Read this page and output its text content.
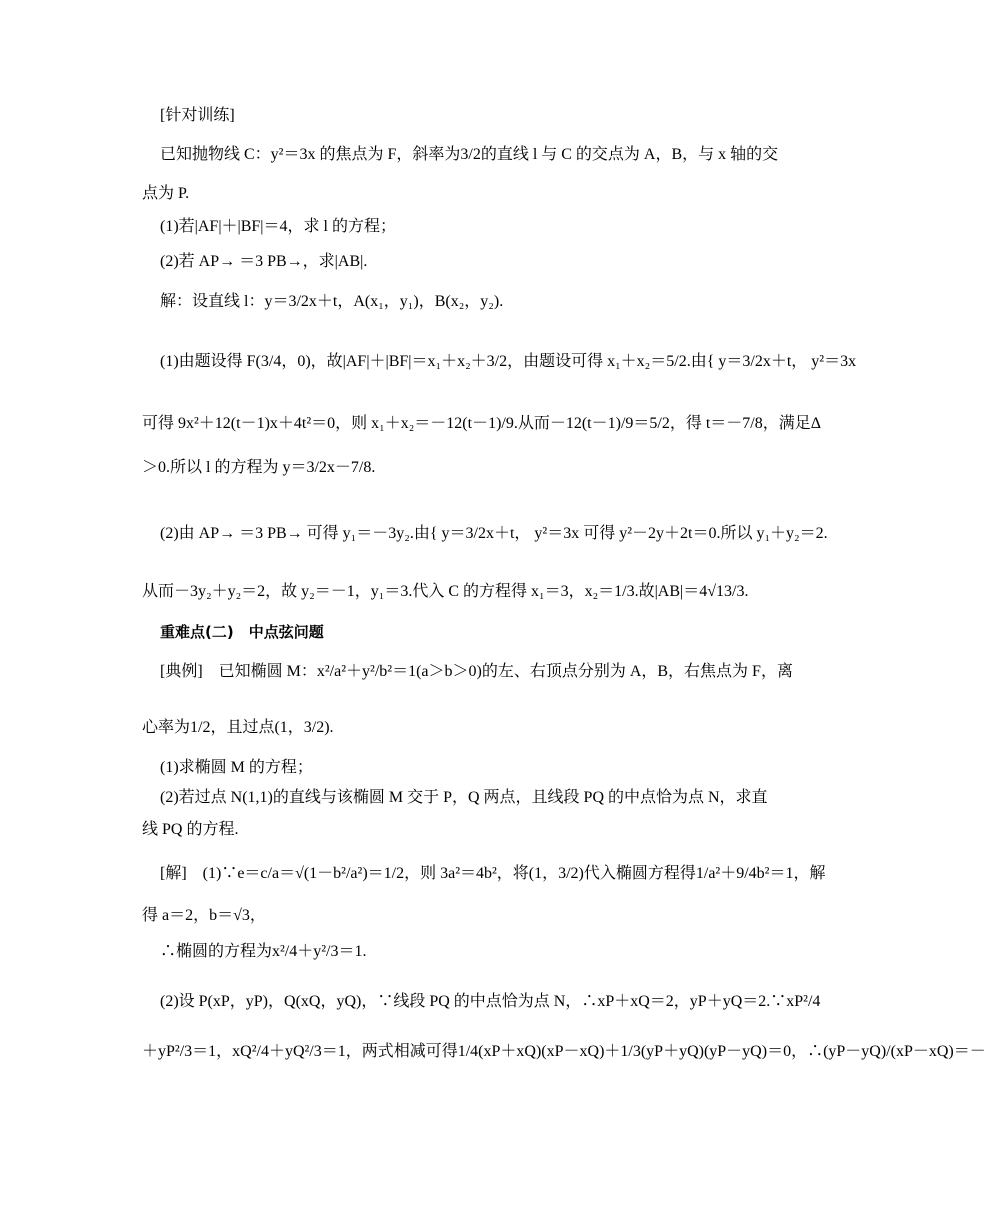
[针对训练]
已知抛物线 C：y²＝3x 的焦点为 F，斜率为3/2的直线 l 与 C 的交点为 A，B，与 x 轴的交
点为 P.
(1)若|AF|＋|BF|＝4，求 l 的方程；
(2)若 AP→ ＝3 PB→，求|AB|.
解：设直线 l：y＝3/2x＋t，A(x₁，y₁)，B(x₂，y₂).
(1)由题设得 F(3/4，0)，故|AF|＋|BF|＝x₁＋x₂＋3/2，由题设可得 x₁＋x₂＝5/2.由{ y＝3/2x＋t， y²＝3x
可得 9x²＋12(t－1)x＋4t²＝0，则 x₁＋x₂＝－12(t－1)/9.从而－12(t－1)/9＝5/2，得 t＝－7/8，满足Δ
＞0.所以 l 的方程为 y＝3/2x－7/8.
(2)由 AP→ ＝3 PB→ 可得 y₁＝－3y₂.由{ y＝3/2x＋t， y²＝3x 可得 y²－2y＋2t＝0.所以 y₁＋y₂＝2.
从而－3y₂＋y₂＝2，故 y₂＝－1，y₁＝3.代入 C 的方程得 x₁＝3，x₂＝1/3.故|AB|＝4√13/3.
重难点(二)　中点弦问题
[典例]　已知椭圆 M：x²/a²＋y²/b²＝1(a＞b＞0)的左、右顶点分别为 A，B，右焦点为 F，离
心率为1/2，且过点(1，3/2).
(1)求椭圆 M 的方程；
(2)若过点 N(1,1)的直线与该椭圆 M 交于 P，Q 两点，且线段 PQ 的中点恰为点 N，求直
线 PQ 的方程.
[解]　(1)∵e＝c/a＝√(1－b²/a²)＝1/2，则 3a²＝4b²，将(1，3/2)代入椭圆方程得1/a²＋9/4b²＝1，解
得 a＝2，b＝√3，
∴椭圆的方程为x²/4＋y²/3＝1.
(2)设 P(xP，yP)，Q(xQ，yQ)，∵线段 PQ 的中点恰为点 N，∴xP＋xQ＝2，yP＋yQ＝2.∵xP²/4
＋yP²/3＝1，xQ²/4＋yQ²/3＝1，两式相减可得1/4(xP＋xQ)(xP－xQ)＋1/3(yP＋yQ)(yP－yQ)＝0，∴(yP－yQ)/(xP－xQ)＝－
